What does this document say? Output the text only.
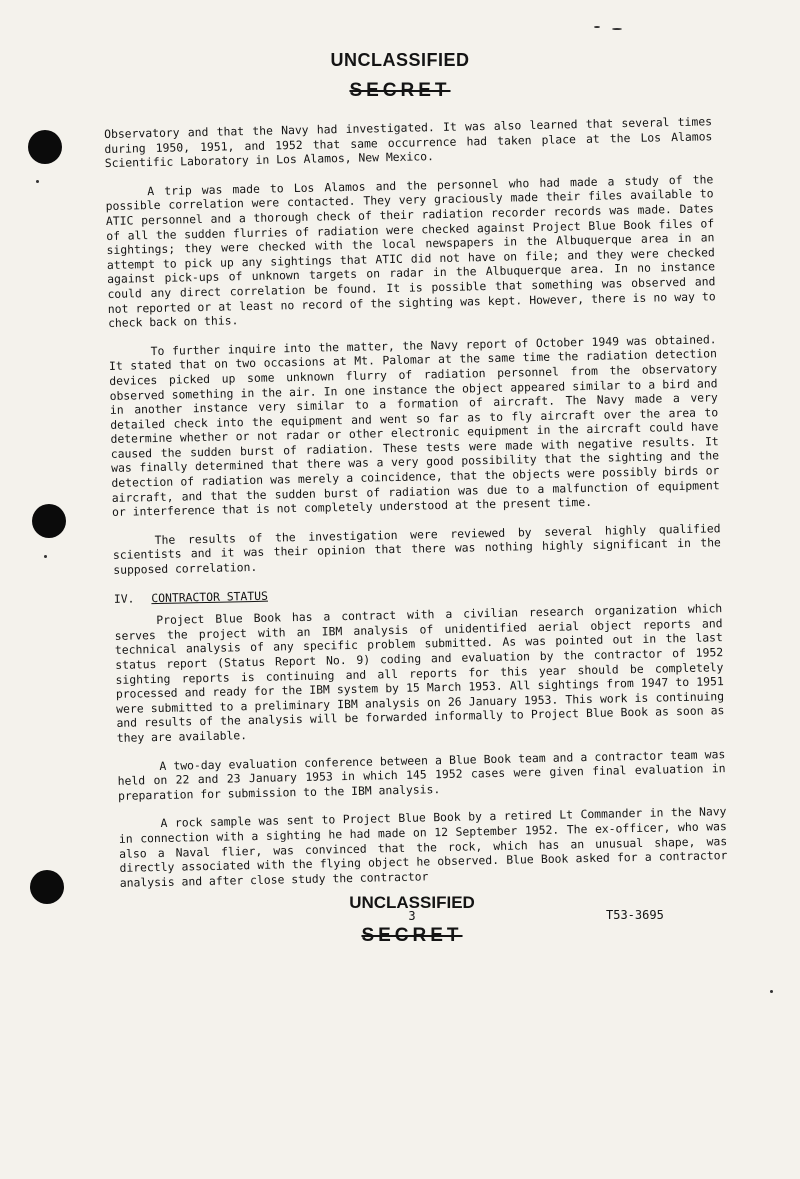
UNCLASSIFIED
SECRET

Observatory and that the Navy had investigated. It was also learned that several times during 1950, 1951, and 1952 that same occurrence had taken place at the Los Alamos Scientific Laboratory in Los Alamos, New Mexico.

A trip was made to Los Alamos and the personnel who had made a study of the possible correlation were contacted. They very graciously made their files available to ATIC personnel and a thorough check of their radiation recorder records was made. Dates of all the sudden flurries of radiation were checked against Project Blue Book files of sightings; they were checked with the local newspapers in the Albuquerque area in an attempt to pick up any sightings that ATIC did not have on file; and they were checked against pick-ups of unknown targets on radar in the Albuquerque area. In no instance could any direct correlation be found. It is possible that something was observed and not reported or at least no record of the sighting was kept. However, there is no way to check back on this.

To further inquire into the matter, the Navy report of October 1949 was obtained. It stated that on two occasions at Mt. Palomar at the same time the radiation detection devices picked up some unknown flurry of radiation personnel from the observatory observed something in the air. In one instance the object appeared similar to a bird and in another instance very similar to a formation of aircraft. The Navy made a very detailed check into the equipment and went so far as to fly aircraft over the area to determine whether or not radar or other electronic equipment in the aircraft could have caused the sudden burst of radiation. These tests were made with negative results. It was finally determined that there was a very good possibility that the sighting and the detection of radiation was merely a coincidence, that the objects were possibly birds or aircraft, and that the sudden burst of radiation was due to a malfunction of equipment or interference that is not completely understood at the present time.

The results of the investigation were reviewed by several highly qualified scientists and it was their opinion that there was nothing highly significant in the supposed correlation.

IV. CONTRACTOR STATUS

Project Blue Book has a contract with a civilian research organization which serves the project with an IBM analysis of unidentified aerial object reports and technical analysis of any specific problem submitted. As was pointed out in the last status report (Status Report No. 9) coding and evaluation by the contractor of 1952 sighting reports is continuing and all reports for this year should be completely processed and ready for the IBM system by 15 March 1953. All sightings from 1947 to 1951 were submitted to a preliminary IBM analysis on 26 January 1953. This work is continuing and results of the analysis will be forwarded informally to Project Blue Book as soon as they are available.

A two-day evaluation conference between a Blue Book team and a contractor team was held on 22 and 23 January 1953 in which 145 1952 cases were given final evaluation in preparation for submission to the IBM analysis.

A rock sample was sent to Project Blue Book by a retired Lt Commander in the Navy in connection with a sighting he had made on 12 September 1952. The ex-officer, who was also a Naval flier, was convinced that the rock, which has an unusual shape, was directly associated with the flying object he observed. Blue Book asked for a contractor analysis and after close study the contractor

UNCLASSIFIED
3
SECRET
T53-3695
